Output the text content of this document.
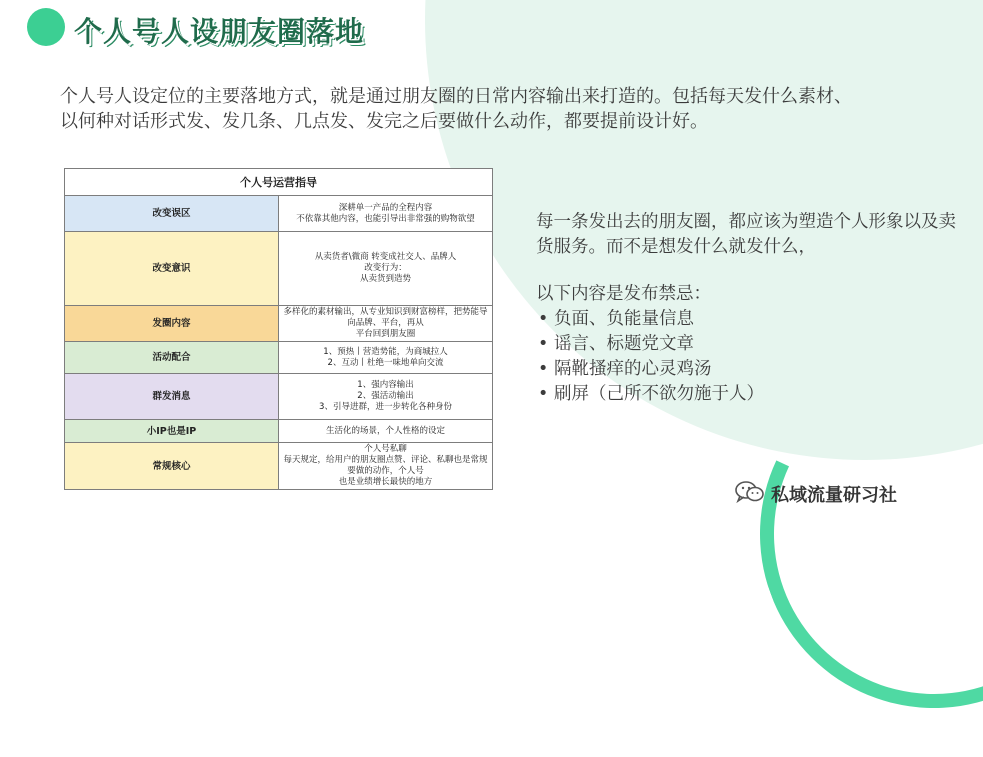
个人号人设朋友圈落地

个人号人设定位的主要落地方式，就是通过朋友圈的日常内容输出来打造的。包括每天发什么素材、

以何种对话形式发、发几条、几点发、发完之后要做什么动作，都要提前设计好。

个人号运营指导	
改变误区	深耕单一产品的全程内容
不依靠其他内容，也能引导出非常强的购物欲望

改变意识	从卖货者\微商 转变成社交人、品牌人
改变行为：
从卖货到造势

发圈内容	多样化的素材输出，从专业知识到财富榜样，把势能导向品牌、平台，再从
平台回到朋友圈

活动配合	1、预热丨营造势能，为商城拉人
2、互动丨杜绝一味地单向交流

群发消息	1、强内容输出
2、强活动输出
3、引导进群，进一步转化各种身份

小IP也是IP	生活化的场景，个人性格的设定

常规核心	个人号私聊
每天规定，给用户的朋友圈点赞、评论、私聊也是常规要做的动作，个人号
也是业绩增长最快的地方

每一条发出去的朋友圈，都应该为塑造个人形象以及卖货服务。而不是想发什么就发什么，

以下内容是发布禁忌：

• 负面、负能量信息
• 谣言、标题党文章
• 隔靴搔痒的心灵鸡汤
• 刷屏（己所不欲勿施于人）
私域流量研习社
